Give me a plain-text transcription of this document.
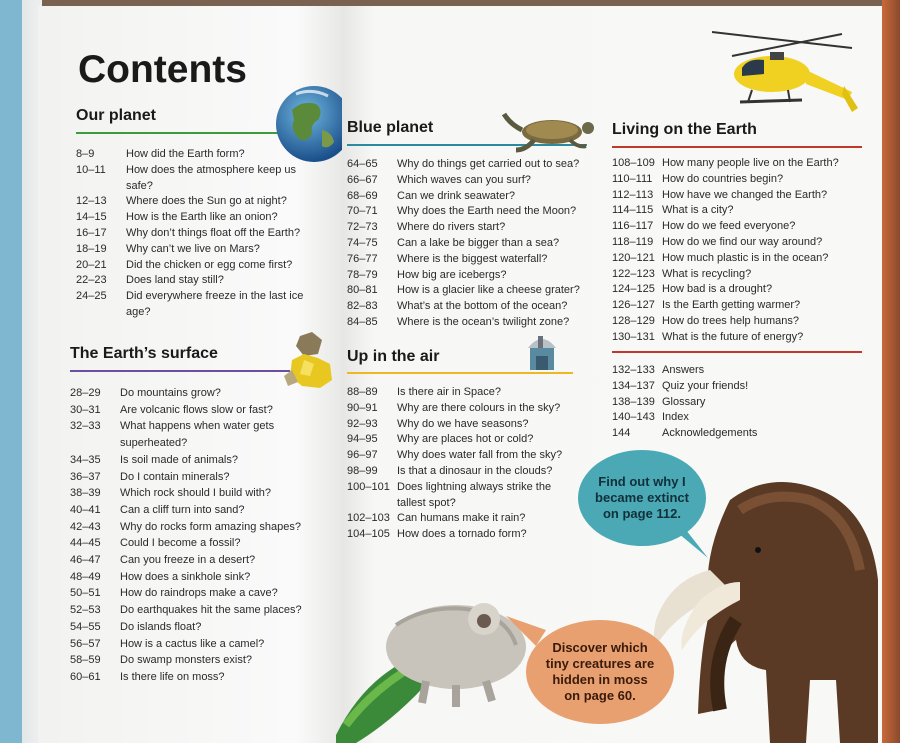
Contents
Our planet
8–9	How did the Earth form?
10–11	How does the atmosphere keep us safe?
12–13	Where does the Sun go at night?
14–15	How is the Earth like an onion?
16–17	Why don’t things float off the Earth?
18–19	Why can’t we live on Mars?
20–21	Did the chicken or egg come first?
22–23	Does land stay still?
24–25	Did everywhere freeze in the last ice age?
The Earth’s surface
28–29	Do mountains grow?
30–31	Are volcanic flows slow or fast?
32–33	What happens when water gets superheated?
34–35	Is soil made of animals?
36–37	Do I contain minerals?
38–39	Which rock should I build with?
40–41	Can a cliff turn into sand?
42–43	Why do rocks form amazing shapes?
44–45	Could I become a fossil?
46–47	Can you freeze in a desert?
48–49	How does a sinkhole sink?
50–51	How do raindrops make a cave?
52–53	Do earthquakes hit the same places?
54–55	Do islands float?
56–57	How is a cactus like a camel?
58–59	Do swamp monsters exist?
60–61	Is there life on moss?
Blue planet
64–65	Why do things get carried out to sea?
66–67	Which waves can you surf?
68–69	Can we drink seawater?
70–71	Why does the Earth need the Moon?
72–73	Where do rivers start?
74–75	Can a lake be bigger than a sea?
76–77	Where is the biggest waterfall?
78–79	How big are icebergs?
80–81	How is a glacier like a cheese grater?
82–83	What’s at the bottom of the ocean?
84–85	Where is the ocean’s twilight zone?
Up in the air
88–89	Is there air in Space?
90–91	Why are there colours in the sky?
92–93	Why do we have seasons?
94–95	Why are places hot or cold?
96–97	Why does water fall from the sky?
98–99	Is that a dinosaur in the clouds?
100–101 Does lightning always strike the tallest spot?
102–103 Can humans make it rain?
104–105 How does a tornado form?
Living on the Earth
108–109 How many people live on the Earth?
110–111 How do countries begin?
112–113 How have we changed the Earth?
114–115 What is a city?
116–117 How do we feed everyone?
118–119 How do we find our way around?
120–121 How much plastic is in the ocean?
122–123 What is recycling?
124–125 How bad is a drought?
126–127 Is the Earth getting warmer?
128–129 How do trees help humans?
130–131 What is the future of energy?
132–133 Answers
134–137 Quiz your friends!
138–139 Glossary
140–143 Index
144	Acknowledgements
Find out why I became extinct on page 112.
Discover which tiny creatures are hidden in moss on page 60.
